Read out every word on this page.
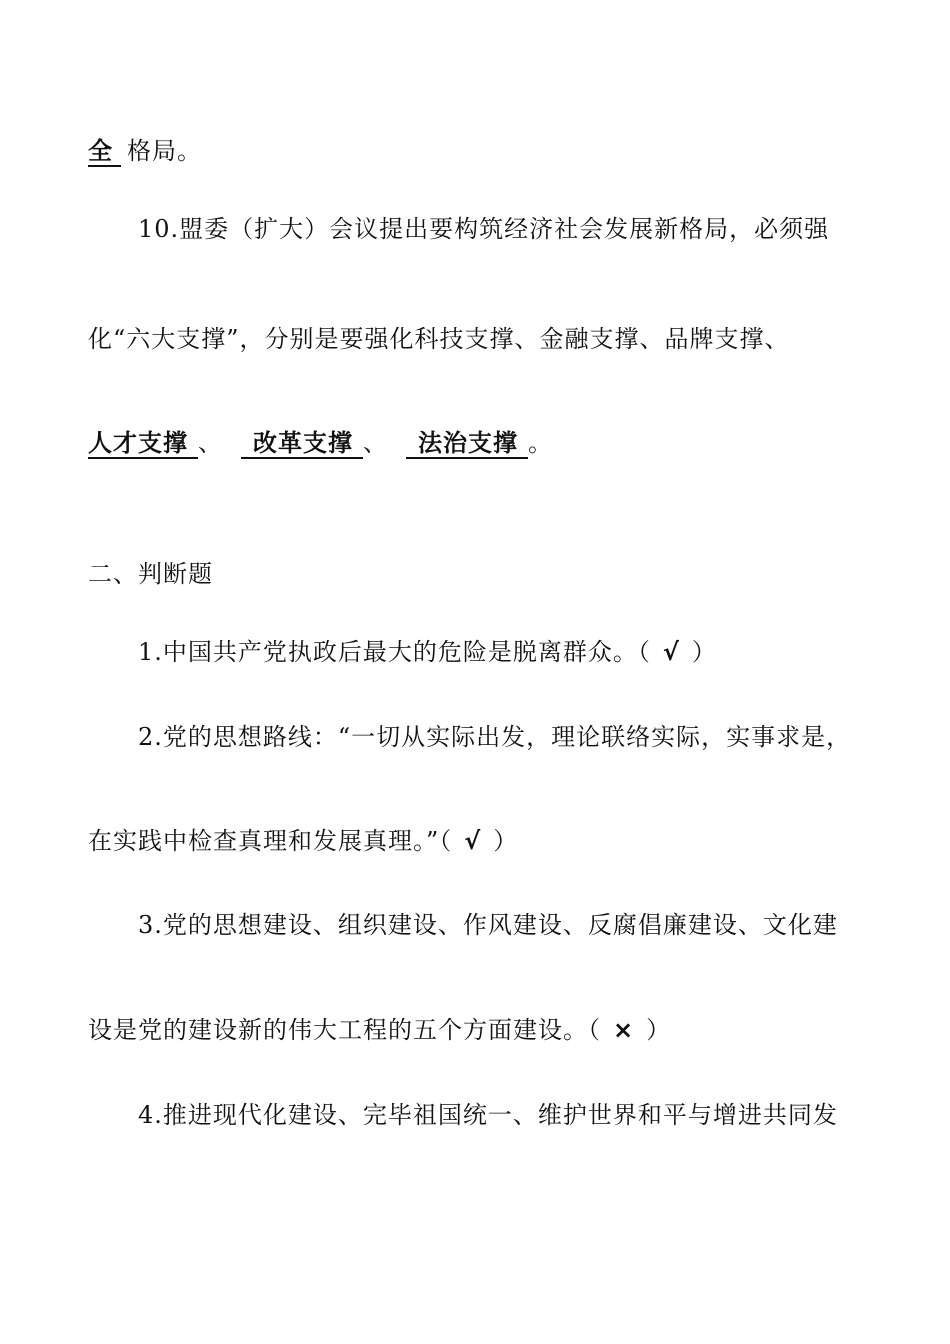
全 格局。
10.盟委（扩大）会议提出要构筑经济社会发展新格局，必须强
化“六大支撑”，分别是要强化科技支撑、金融支撑、品牌支撑、
人才支撑 、 改革支撑 、 法治支撑 。
二、判断题
1.中国共产党执政后最大的危险是脱离群众。（ √ ）
2.党的思想路线：“一切从实际出发，理论联络实际，实事求是，
在实践中检查真理和发展真理。”（ √ ）
3.党的思想建设、组织建设、作风建设、反腐倡廉建设、文化建
设是党的建设新的伟大工程的五个方面建设。（ × ）
4.推进现代化建设、完毕祖国统一、维护世界和平与增进共同发
